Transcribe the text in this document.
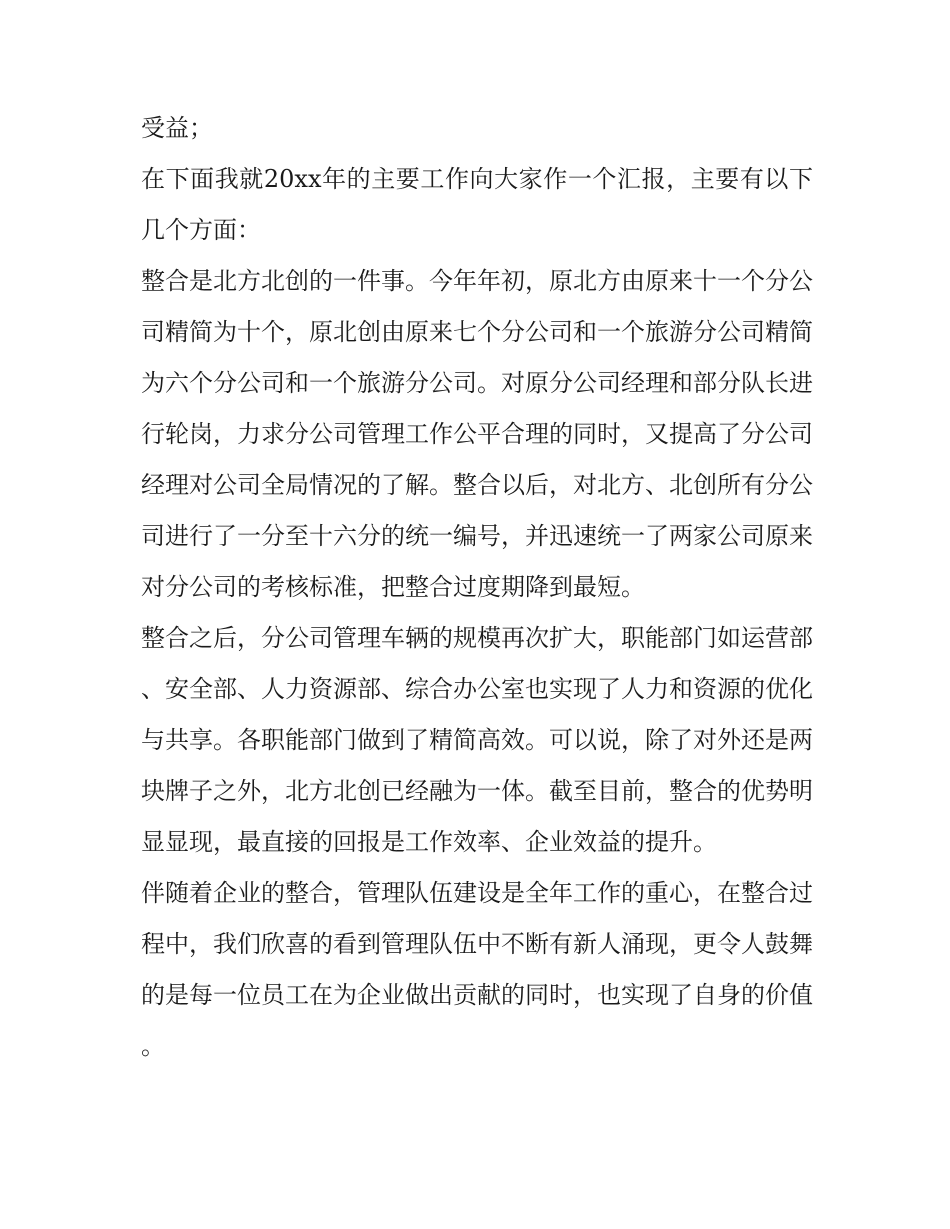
受益；

在下面我就20xx年的主要工作向大家作一个汇报，主要有以下几个方面：

整合是北方北创的一件事。今年年初，原北方由原来十一个分公司精简为十个，原北创由原来七个分公司和一个旅游分公司精简为六个分公司和一个旅游分公司。对原分公司经理和部分队长进行轮岗，力求分公司管理工作公平合理的同时，又提高了分公司经理对公司全局情况的了解。整合以后，对北方、北创所有分公司进行了一分至十六分的统一编号，并迅速统一了两家公司原来对分公司的考核标准，把整合过度期降到最短。

整合之后，分公司管理车辆的规模再次扩大，职能部门如运营部、安全部、人力资源部、综合办公室也实现了人力和资源的优化与共享。各职能部门做到了精简高效。可以说，除了对外还是两块牌子之外，北方北创已经融为一体。截至目前，整合的优势明显显现，最直接的回报是工作效率、企业效益的提升。

伴随着企业的整合，管理队伍建设是全年工作的重心，在整合过程中，我们欣喜的看到管理队伍中不断有新人涌现，更令人鼓舞的是每一位员工在为企业做出贡献的同时，也实现了自身的价值。
